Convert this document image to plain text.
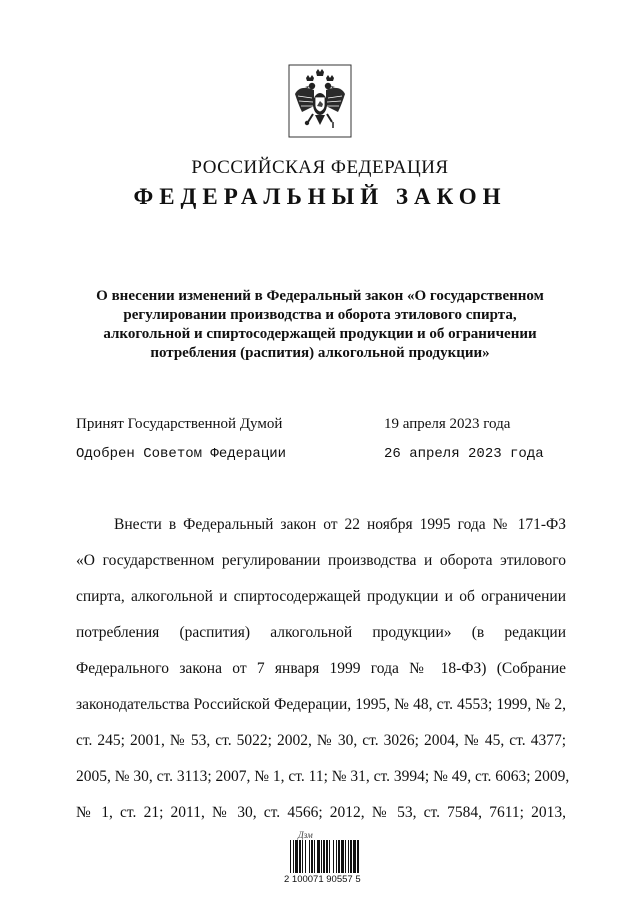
РОССИЙСКАЯ ФЕДЕРАЦИЯ
ФЕДЕРАЛЬНЫЙ ЗАКОН
О внесении изменений в Федеральный закон «О государственном
регулировании производства и оборота этилового спирта,
алкогольной и спиртосодержащей продукции и об ограничении
потребления (распития) алкогольной продукции»
Принят Государственной Думой	19 апреля 2023 года
Одобрен Советом Федерации	26 апреля 2023 года
Внести в Федеральный закон от 22 ноября 1995 года № 171-ФЗ
«О государственном регулировании производства и оборота этилового
спирта, алкогольной и спиртосодержащей продукции и об ограничении
потребления (распития) алкогольной продукции» (в редакции
Федерального закона от 7 января 1999 года № 18-ФЗ) (Собрание
законодательства Российской Федерации, 1995, № 48, ст. 4553; 1999, № 2,
ст. 245; 2001, № 53, ст. 5022; 2002, № 30, ст. 3026; 2004, № 45, ст. 4377;
2005, № 30, ст. 3113; 2007, № 1, ст. 11; № 31, ст. 3994; № 49, ст. 6063; 2009,
№ 1, ст. 21; 2011, № 30, ст. 4566; 2012, № 53, ст. 7584, 7611; 2013,
Дзм
2 100071 90557 5
